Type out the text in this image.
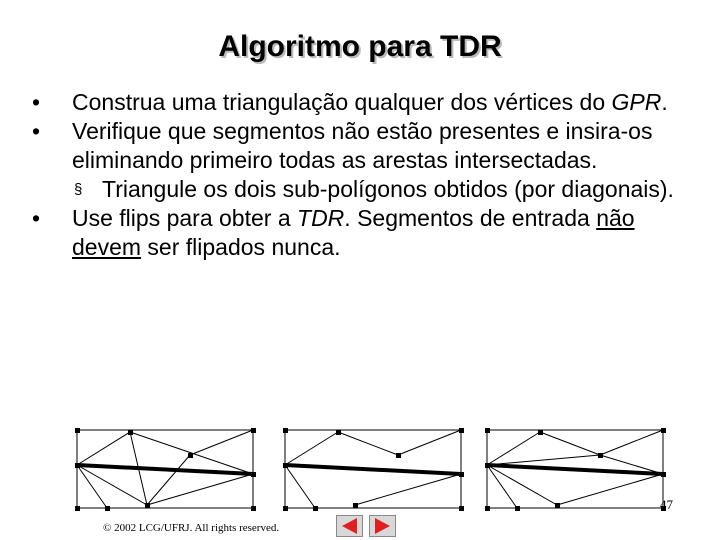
Algoritmo para TDR
• Construa uma triangulação qualquer dos vértices do GPR.
• Verifique que segmentos não estão presentes e insira-os eliminando primeiro todas as arestas intersectadas.
§ Triangule os dois sub-polígonos obtidos (por diagonais).
• Use flips para obter a TDR. Segmentos de entrada não devem ser flipados nunca.
47
© 2002 LCG/UFRJ. All rights reserved.
